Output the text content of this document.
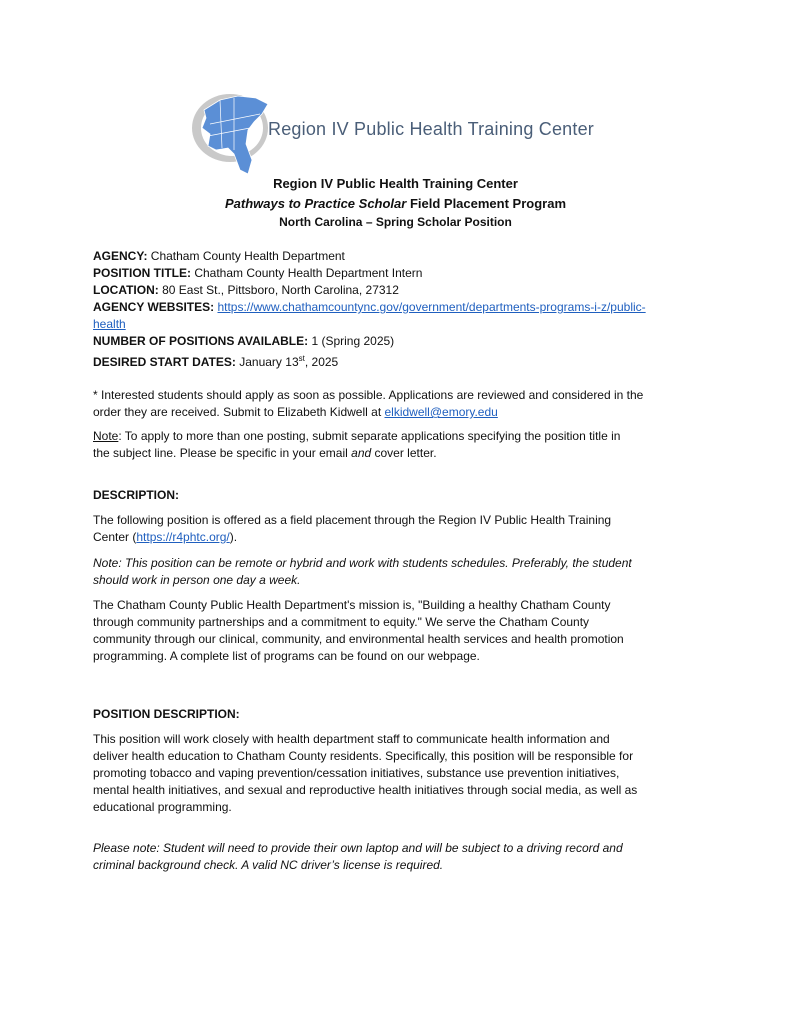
Region IV Public Health Training Center
Region IV Public Health Training Center
Pathways to Practice Scholar Field Placement Program
North Carolina – Spring Scholar Position
AGENCY: Chatham County Health Department
POSITION TITLE: Chatham County Health Department Intern
LOCATION: 80 East St., Pittsboro, North Carolina, 27312
AGENCY WEBSITES: https://www.chathamcountync.gov/government/departments-programs-i-z/public-
health
NUMBER OF POSITIONS AVAILABLE: 1 (Spring 2025)
DESIRED START DATES: January 13st, 2025
* Interested students should apply as soon as possible. Applications are reviewed and considered in the
order they are received. Submit to Elizabeth Kidwell at elkidwell@emory.edu
Note: To apply to more than one posting, submit separate applications specifying the position title in
the subject line. Please be specific in your email and cover letter.
DESCRIPTION:
The following position is offered as a field placement through the Region IV Public Health Training
Center (https://r4phtc.org/).
Note: This position can be remote or hybrid and work with students schedules. Preferably, the student
should work in person one day a week.
The Chatham County Public Health Department's mission is, "Building a healthy Chatham County
through community partnerships and a commitment to equity." We serve the Chatham County
community through our clinical, community, and environmental health services and health promotion
programming. A complete list of programs can be found on our webpage.
POSITION DESCRIPTION:
This position will work closely with health department staff to communicate health information and
deliver health education to Chatham County residents. Specifically, this position will be responsible for
promoting tobacco and vaping prevention/cessation initiatives, substance use prevention initiatives,
mental health initiatives, and sexual and reproductive health initiatives through social media, as well as
educational programming.
Please note: Student will need to provide their own laptop and will be subject to a driving record and
criminal background check. A valid NC driver’s license is required.
